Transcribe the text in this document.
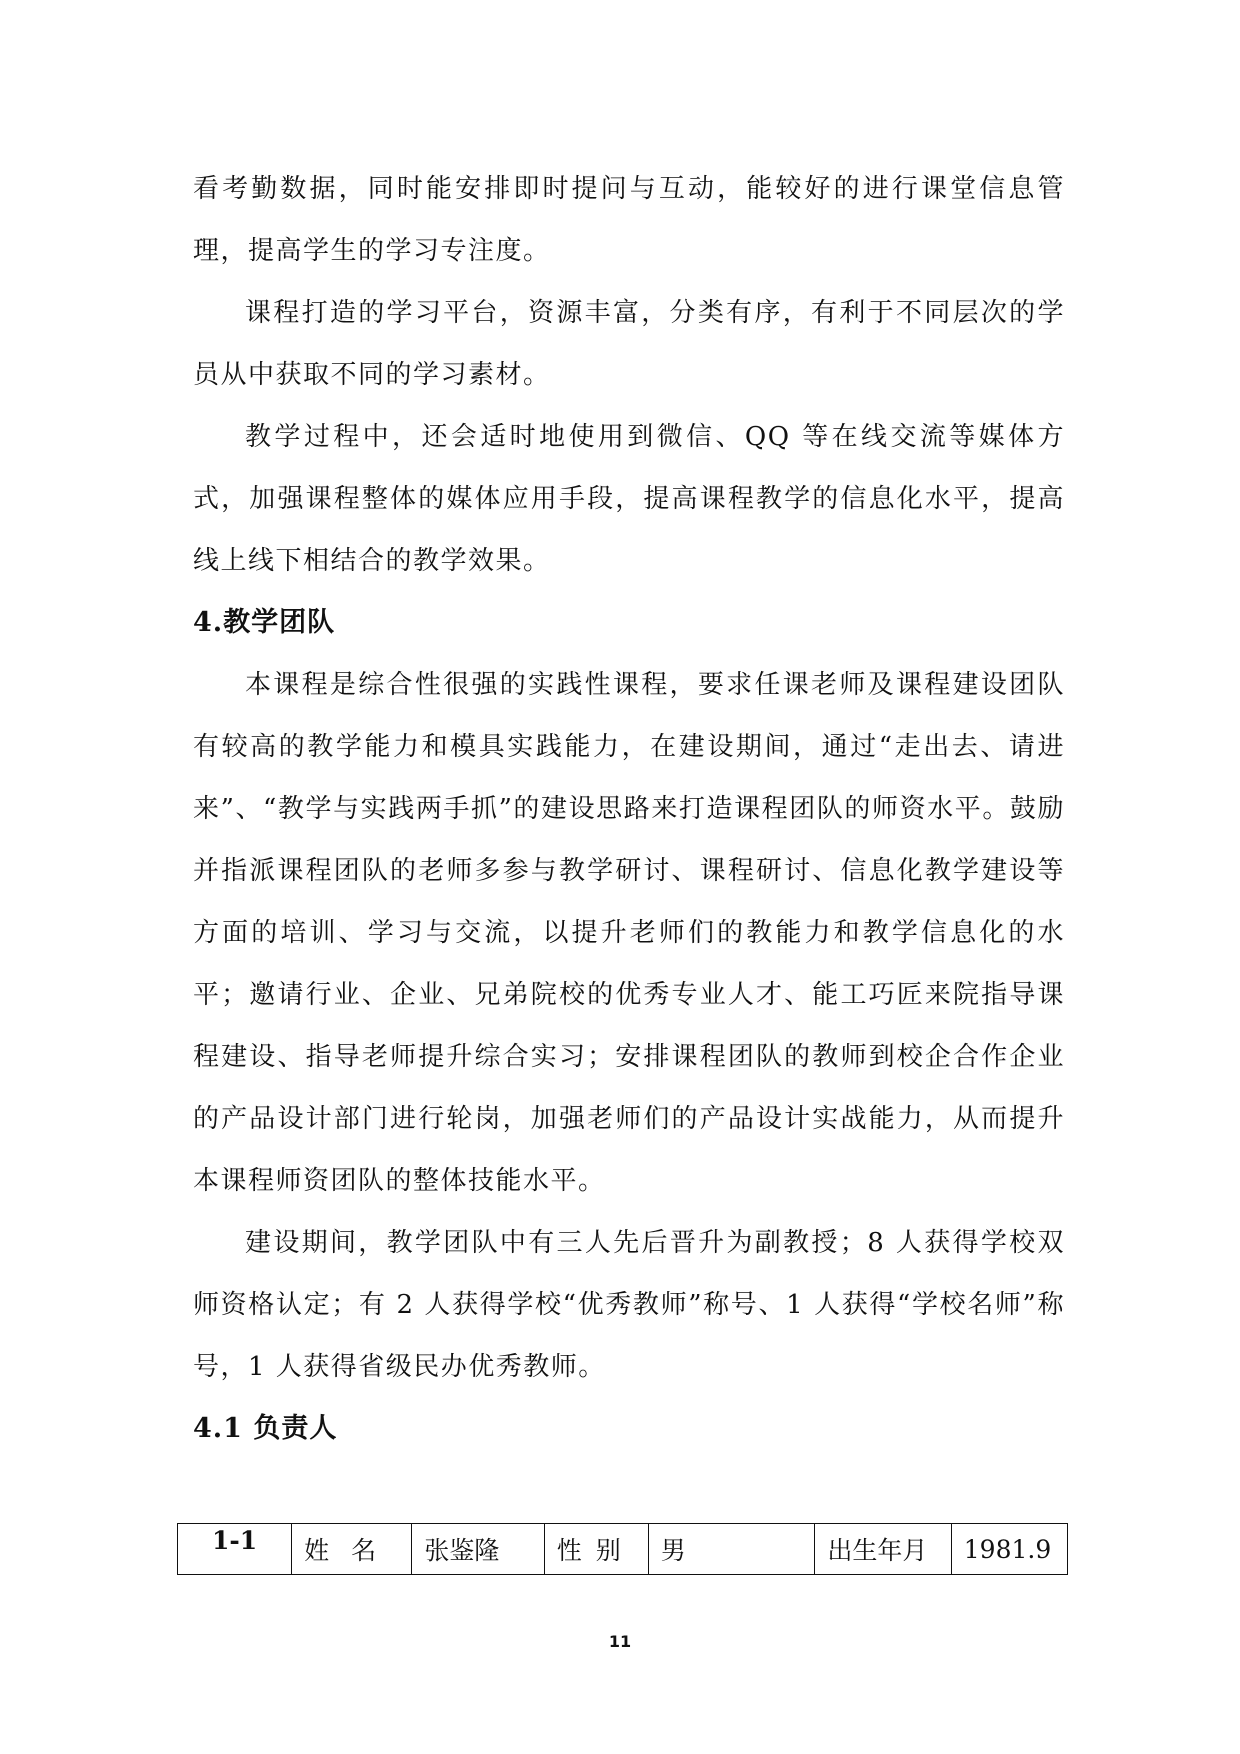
看考勤数据，同时能安排即时提问与互动，能较好的进行课堂信息管理，提高学生的学习专注度。

课程打造的学习平台，资源丰富，分类有序，有利于不同层次的学员从中获取不同的学习素材。

教学过程中，还会适时地使用到微信、QQ 等在线交流等媒体方式，加强课程整体的媒体应用手段，提高课程教学的信息化水平，提高线上线下相结合的教学效果。

4.教学团队

本课程是综合性很强的实践性课程，要求任课老师及课程建设团队有较高的教学能力和模具实践能力，在建设期间，通过“走出去、请进来”、“教学与实践两手抓”的建设思路来打造课程团队的师资水平。鼓励并指派课程团队的老师多参与教学研讨、课程研讨、信息化教学建设等方面的培训、学习与交流，以提升老师们的教能力和教学信息化的水平；邀请行业、企业、兄弟院校的优秀专业人才、能工巧匠来院指导课程建设、指导老师提升综合实习；安排课程团队的教师到校企合作企业的产品设计部门进行轮岗，加强老师们的产品设计实战能力，从而提升本课程师资团队的整体技能水平。

建设期间，教学团队中有三人先后晋升为副教授；8 人获得学校双师资格认定；有 2 人获得学校“优秀教师”称号、1 人获得“学校名师”称号，1 人获得省级民办优秀教师。

4.1 负责人

1-1	姓名	张鉴隆	性别	男	出生年月	1981.9
11
